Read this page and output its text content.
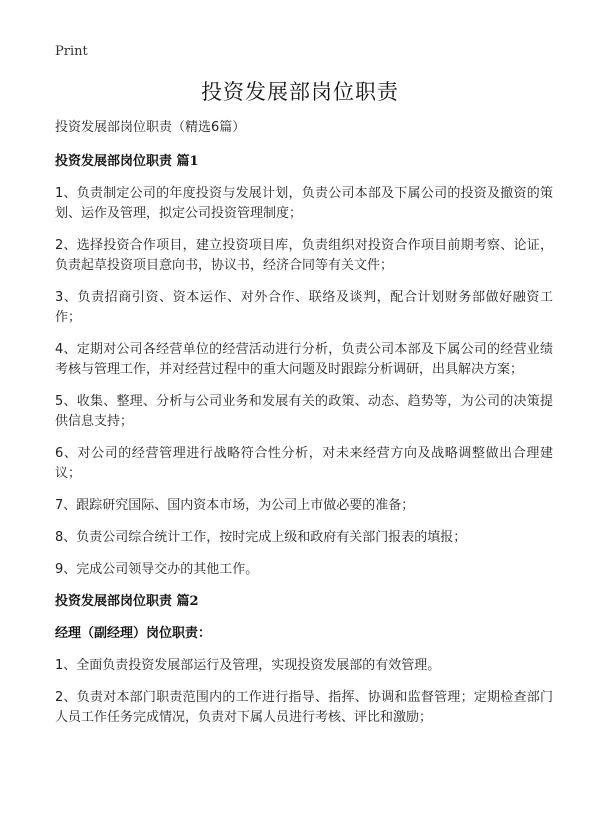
Print
投资发展部岗位职责
投资发展部岗位职责（精选6篇）
投资发展部岗位职责 篇1
1、负责制定公司的年度投资与发展计划，负责公司本部及下属公司的投资及撤资的策划、运作及管理，拟定公司投资管理制度；
2、选择投资合作项目，建立投资项目库，负责组织对投资合作项目前期考察、论证，负责起草投资项目意向书，协议书，经济合同等有关文件；
3、负责招商引资、资本运作、对外合作、联络及谈判，配合计划财务部做好融资工作；
4、定期对公司各经营单位的经营活动进行分析，负责公司本部及下属公司的经营业绩考核与管理工作，并对经营过程中的重大问题及时跟踪分析调研，出具解决方案；
5、收集、整理、分析与公司业务和发展有关的政策、动态、趋势等，为公司的决策提供信息支持；
6、对公司的经营管理进行战略符合性分析，对未来经营方向及战略调整做出合理建议；
7、跟踪研究国际、国内资本市场，为公司上市做必要的准备；
8、负责公司综合统计工作，按时完成上级和政府有关部门报表的填报；
9、完成公司领导交办的其他工作。
投资发展部岗位职责 篇2
经理（副经理）岗位职责：
1、全面负责投资发展部运行及管理，实现投资发展部的有效管理。
2、负责对本部门职责范围内的工作进行指导、指挥、协调和监督管理；定期检查部门人员工作任务完成情况，负责对下属人员进行考核、评比和激励；
